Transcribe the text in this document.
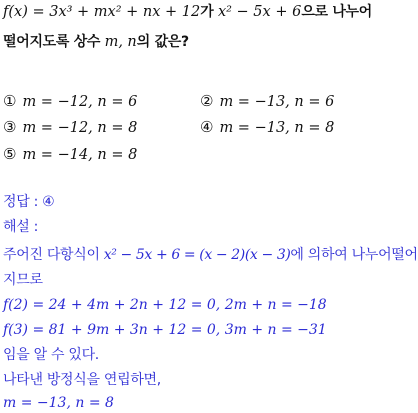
f(x) = 3x³ + mx² + nx + 12가 x² − 5x + 6으로 나누어
떨어지도록 상수 m, n의 값은?
① m = −12, n = 6	② m = −13, n = 6
③ m = −12, n = 8	④ m = −13, n = 8
⑤ m = −14, n = 8
정답 : ④
해설 :
주어진 다항식이 x² − 5x + 6 = (x − 2)(x − 3)에 의하여 나누어떨어
지므로
f(2) = 24 + 4m + 2n + 12 = 0, 2m + n = −18
f(3) = 81 + 9m + 3n + 12 = 0, 3m + n = −31
임을 알 수 있다.
나타낸 방정식을 연립하면,
m = −13, n = 8
